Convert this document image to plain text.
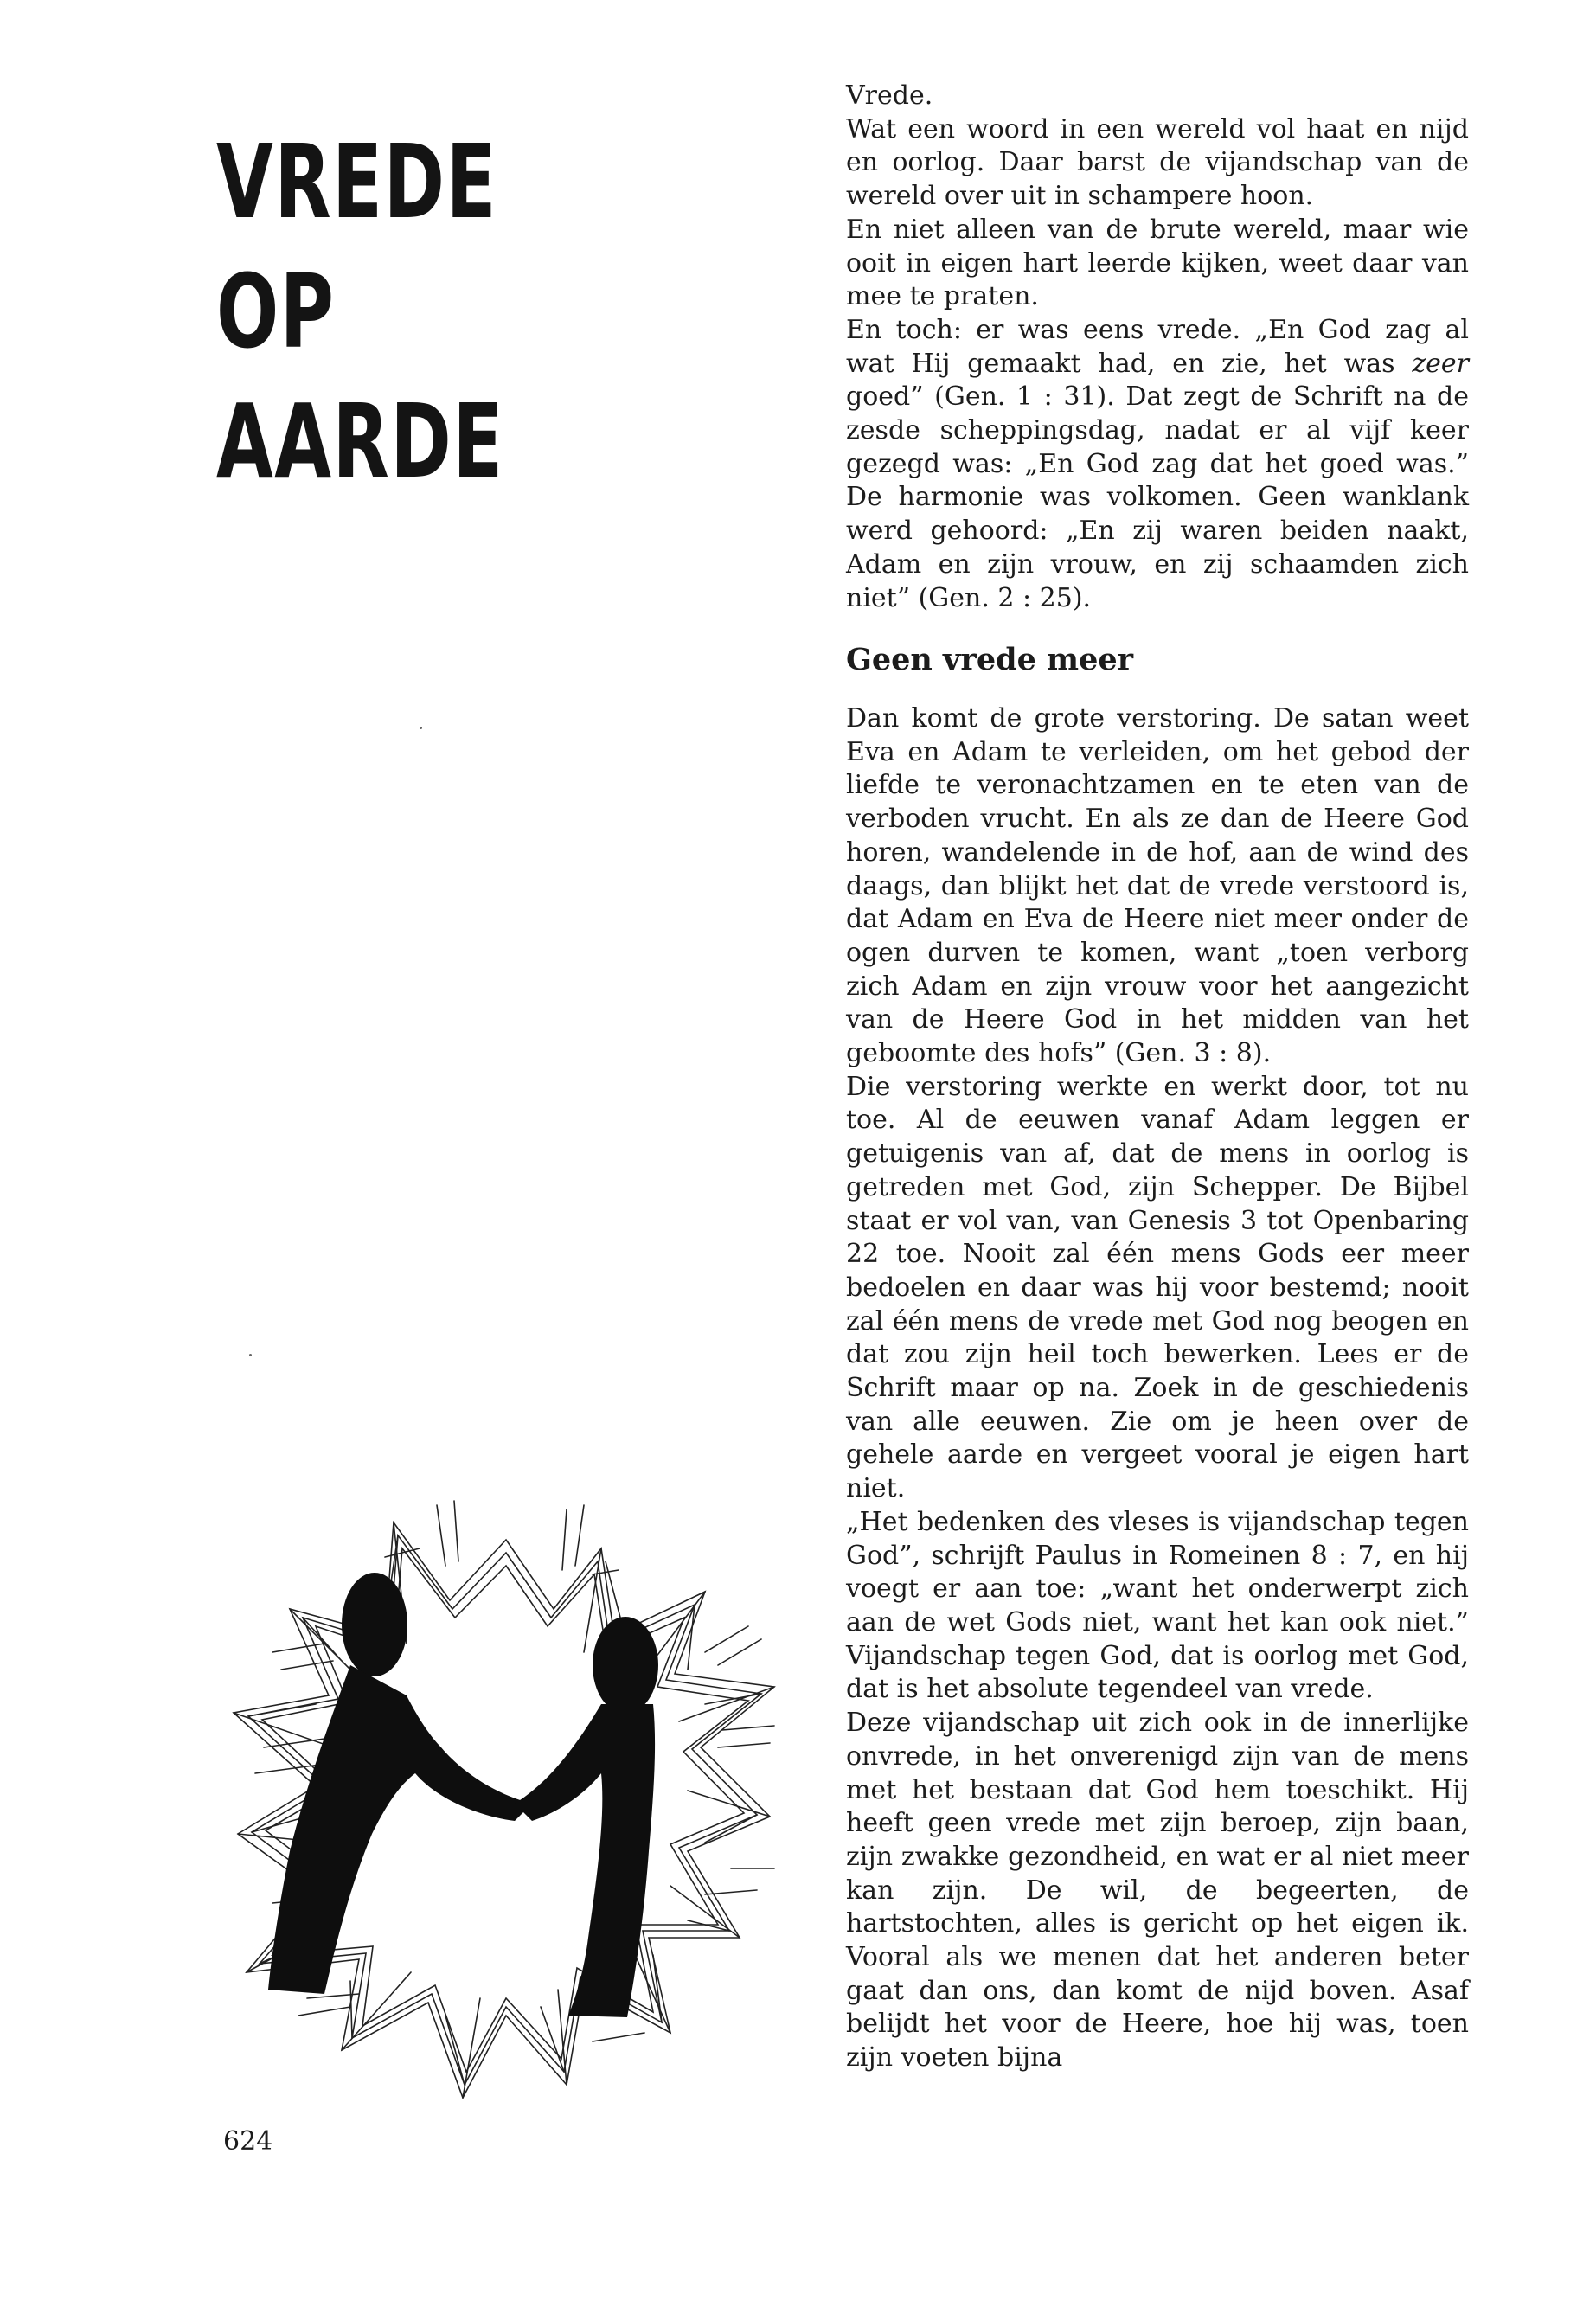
VREDE
OP
AARDE

Vrede.

Wat een woord in een wereld vol haat en nijd en oorlog. Daar barst de vijandschap van de wereld over uit in schampere hoon.

En niet alleen van de brute wereld, maar wie ooit in eigen hart leerde kijken, weet daar van mee te praten.

En toch: er was eens vrede. „En God zag al wat Hij gemaakt had, en zie, het was zeer goed” (Gen. 1 : 31). Dat zegt de Schrift na de zesde scheppingsdag, nadat er al vijf keer gezegd was: „En God zag dat het goed was.” De harmonie was volkomen. Geen wanklank werd gehoord: „En zij waren beiden naakt, Adam en zijn vrouw, en zij schaamden zich niet” (Gen. 2 : 25).

Geen vrede meer

Dan komt de grote verstoring. De satan weet Eva en Adam te verleiden, om het gebod der liefde te veronachtzamen en te eten van de verboden vrucht. En als ze dan de Heere God horen, wandelende in de hof, aan de wind des daags, dan blijkt het dat de vrede verstoord is, dat Adam en Eva de Heere niet meer onder de ogen durven te komen, want „toen verborg zich Adam en zijn vrouw voor het aangezicht van de Heere God in het midden van het geboomte des hofs” (Gen. 3 : 8).

Die verstoring werkte en werkt door, tot nu toe. Al de eeuwen vanaf Adam leggen er getuigenis van af, dat de mens in oorlog is getreden met God, zijn Schepper. De Bijbel staat er vol van, van Genesis 3 tot Openbaring 22 toe. Nooit zal één mens Gods eer meer bedoelen en daar was hij voor bestemd; nooit zal één mens de vrede met God nog beogen en dat zou zijn heil toch bewerken. Lees er de Schrift maar op na. Zoek in de geschiedenis van alle eeuwen. Zie om je heen over de gehele aarde en vergeet vooral je eigen hart niet.

„Het bedenken des vleses is vijandschap tegen God”, schrijft Paulus in Romeinen 8 : 7, en hij voegt er aan toe: „want het onderwerpt zich aan de wet Gods niet, want het kan ook niet.” Vijandschap tegen God, dat is oorlog met God, dat is het absolute tegendeel van vrede.

Deze vijandschap uit zich ook in de innerlijke onvrede, in het onverenigd zijn van de mens met het bestaan dat God hem toeschikt. Hij heeft geen vrede met zijn beroep, zijn baan, zijn zwakke gezondheid, en wat er al niet meer kan zijn. De wil, de begeerten, de hartstochten, alles is gericht op het eigen ik. Vooral als we menen dat het anderen beter gaat dan ons, dan komt de nijd boven. Asaf belijdt het voor de Heere, hoe hij was, toen zijn voeten bijna

624
